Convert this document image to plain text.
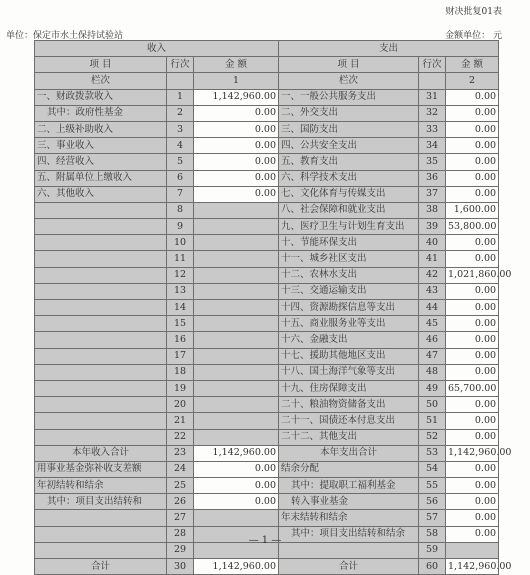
财决批复01表
单位：保定市水土保持试验站	金额单位： 元
收入			支出		
项 目	行次	金 额	项 目	行次	金 额
栏次		1	栏次		2
一、财政拨款收入	1	1,142,960.00	一、一般公共服务支出	31	0.00
其中：政府性基金	2	0.00	二、外交支出	32	0.00
二、上级补助收入	3	0.00	三、国防支出	33	0.00
三、事业收入	4	0.00	四、公共安全支出	34	0.00
四、经营收入	5	0.00	五、教育支出	35	0.00
五、附属单位上缴收入	6	0.00	六、科学技术支出	36	0.00
六、其他收入	7	0.00	七、文化体育与传媒支出	37	0.00
	8		八、社会保障和就业支出	38	1,600.00
	9		九、医疗卫生与计划生育支出	39	53,800.00
	10		十、节能环保支出	40	0.00
	11		十一、城乡社区支出	41	0.00
	12		十二、农林水支出	42	1,021,860.00
	13		十三、交通运输支出	43	0.00
	14		十四、资源勘探信息等支出	44	0.00
	15		十五、商业服务业等支出	45	0.00
	16		十六、金融支出	46	0.00
	17		十七、援助其他地区支出	47	0.00
	18		十八、国土海洋气象等支出	48	0.00
	19		十九、住房保障支出	49	65,700.00
	20		二十、粮油物资储备支出	50	0.00
	21		二十一、国债还本付息支出	51	0.00
	22		二十二、其他支出	52	0.00
本年收入合计	23	1,142,960.00	本年支出合计	53	1,142,960.00
用事业基金弥补收支差额	24	0.00	结余分配	54	0.00
年初结转和结余	25	0.00	其中：提取职工福利基金	55	0.00
其中：项目支出结转和	26	0.00	转入事业基金	56	0.00
	27		年末结转和结余	57	0.00
	28		其中：项目支出结转和结余	58	0.00
	29			59	
合计	30	1,142,960.00	合计	60	1,142,960.00
— 1 —
